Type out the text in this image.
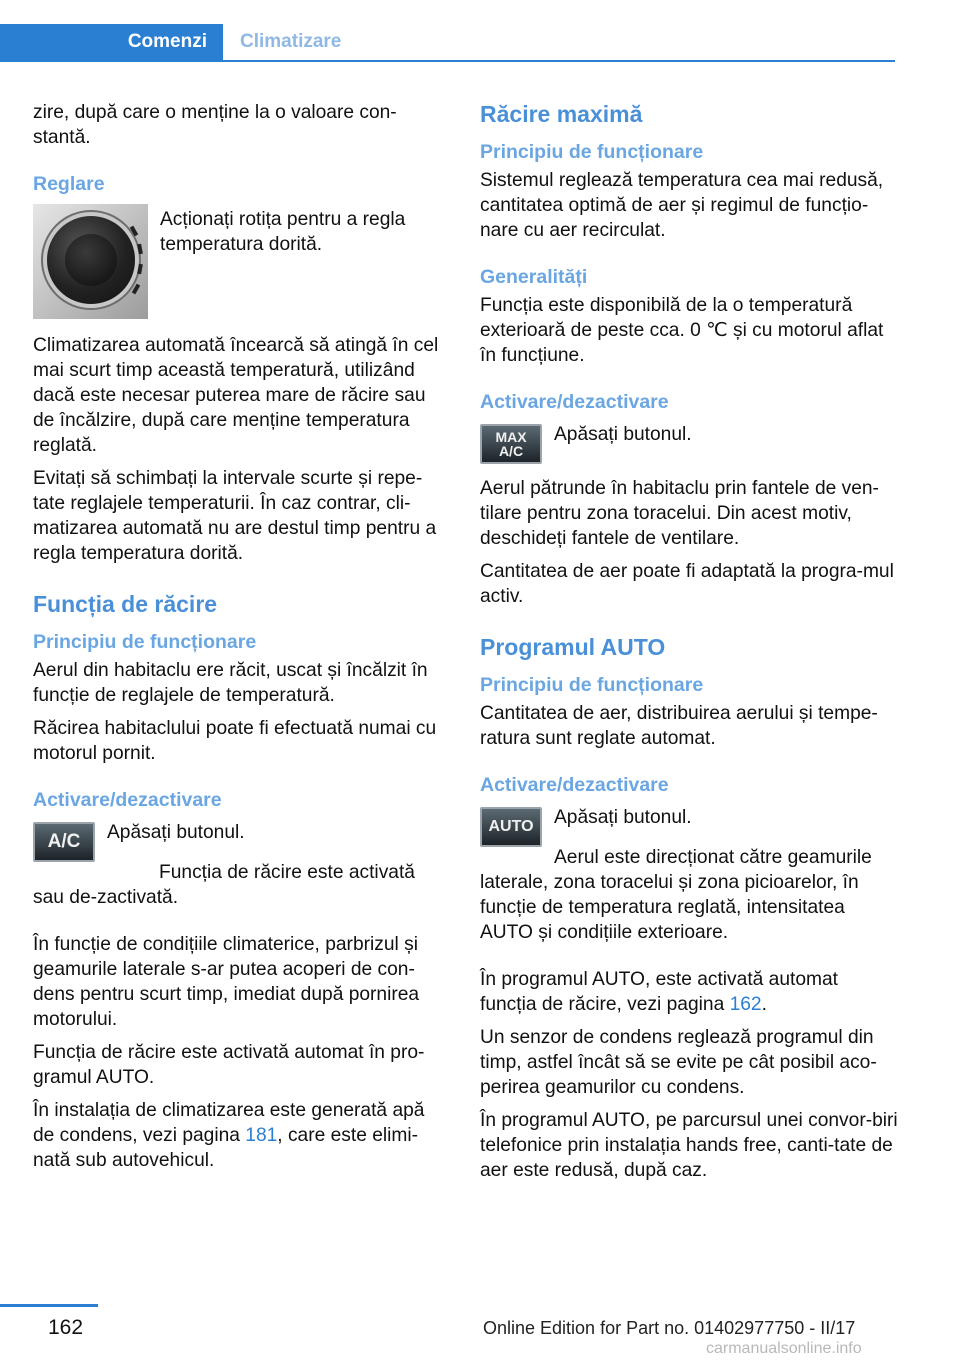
Comenzi	Climatizare

zire, după care o menține la o valoare con-stantă.

Reglare

Acționați rotița pentru a regla temperatura dorită.

Climatizarea automată încearcă să atingă în cel mai scurt timp această temperatură, utilizând dacă este necesar puterea mare de răcire sau de încălzire, după care menține temperatura reglată.

Evitați să schimbați la intervale scurte și repe-tate reglajele temperaturii. În caz contrar, cli-matizarea automată nu are destul timp pentru a regla temperatura dorită.

Funcția de răcire
Principiu de funcționare

Aerul din habitaclu ere răcit, uscat și încălzit în funcție de reglajele de temperatură.

Răcirea habitaclului poate fi efectuată numai cu motorul pornit.

Activare/dezactivare
A/C	Apăsați butonul.

Funcția de răcire este activată sau de-zactivată.

În funcție de condițiile climaterice, parbrizul și geamurile laterale s-ar putea acoperi de con-dens pentru scurt timp, imediat după pornirea motorului.

Funcția de răcire este activată automat în pro-gramul AUTO.

În instalația de climatizarea este generată apă de condens, vezi pagina 181, care este elimi-nată sub autovehicul.

Răcire maximă
Principiu de funcționare

Sistemul reglează temperatura cea mai redusă, cantitatea optimă de aer și regimul de funcțio-nare cu aer recirculat.

Generalități

Funcția este disponibilă de la o temperatură exterioară de peste cca. 0 ℃ și cu motorul aflat în funcțiune.

Activare/dezactivare
MAX
A/C

Apăsați butonul.

Aerul pătrunde în habitaclu prin fantele de ven-tilare pentru zona toracelui. Din acest motiv, deschideți fantele de ventilare.

Cantitatea de aer poate fi adaptată la progra-mul activ.

Programul AUTO
Principiu de funcționare

Cantitatea de aer, distribuirea aerului și tempe-ratura sunt reglate automat.

Activare/dezactivare
AUTO	Apăsați butonul.

Aerul este direcționat către geamurile laterale, zona toracelui și zona picioarelor, în funcție de temperatura reglată, intensitatea AUTO și condițiile exterioare.

În programul AUTO, este activată automat funcția de răcire, vezi pagina 162.

Un senzor de condens reglează programul din timp, astfel încât să se evite pe cât posibil aco-perirea geamurilor cu condens.

În programul AUTO, pe parcursul unei convor-biri telefonice prin instalația hands free, canti-tate de aer este redusă, după caz.

162	Online Edition for Part no. 01402977750 - II/17
carmanualsonline.info
